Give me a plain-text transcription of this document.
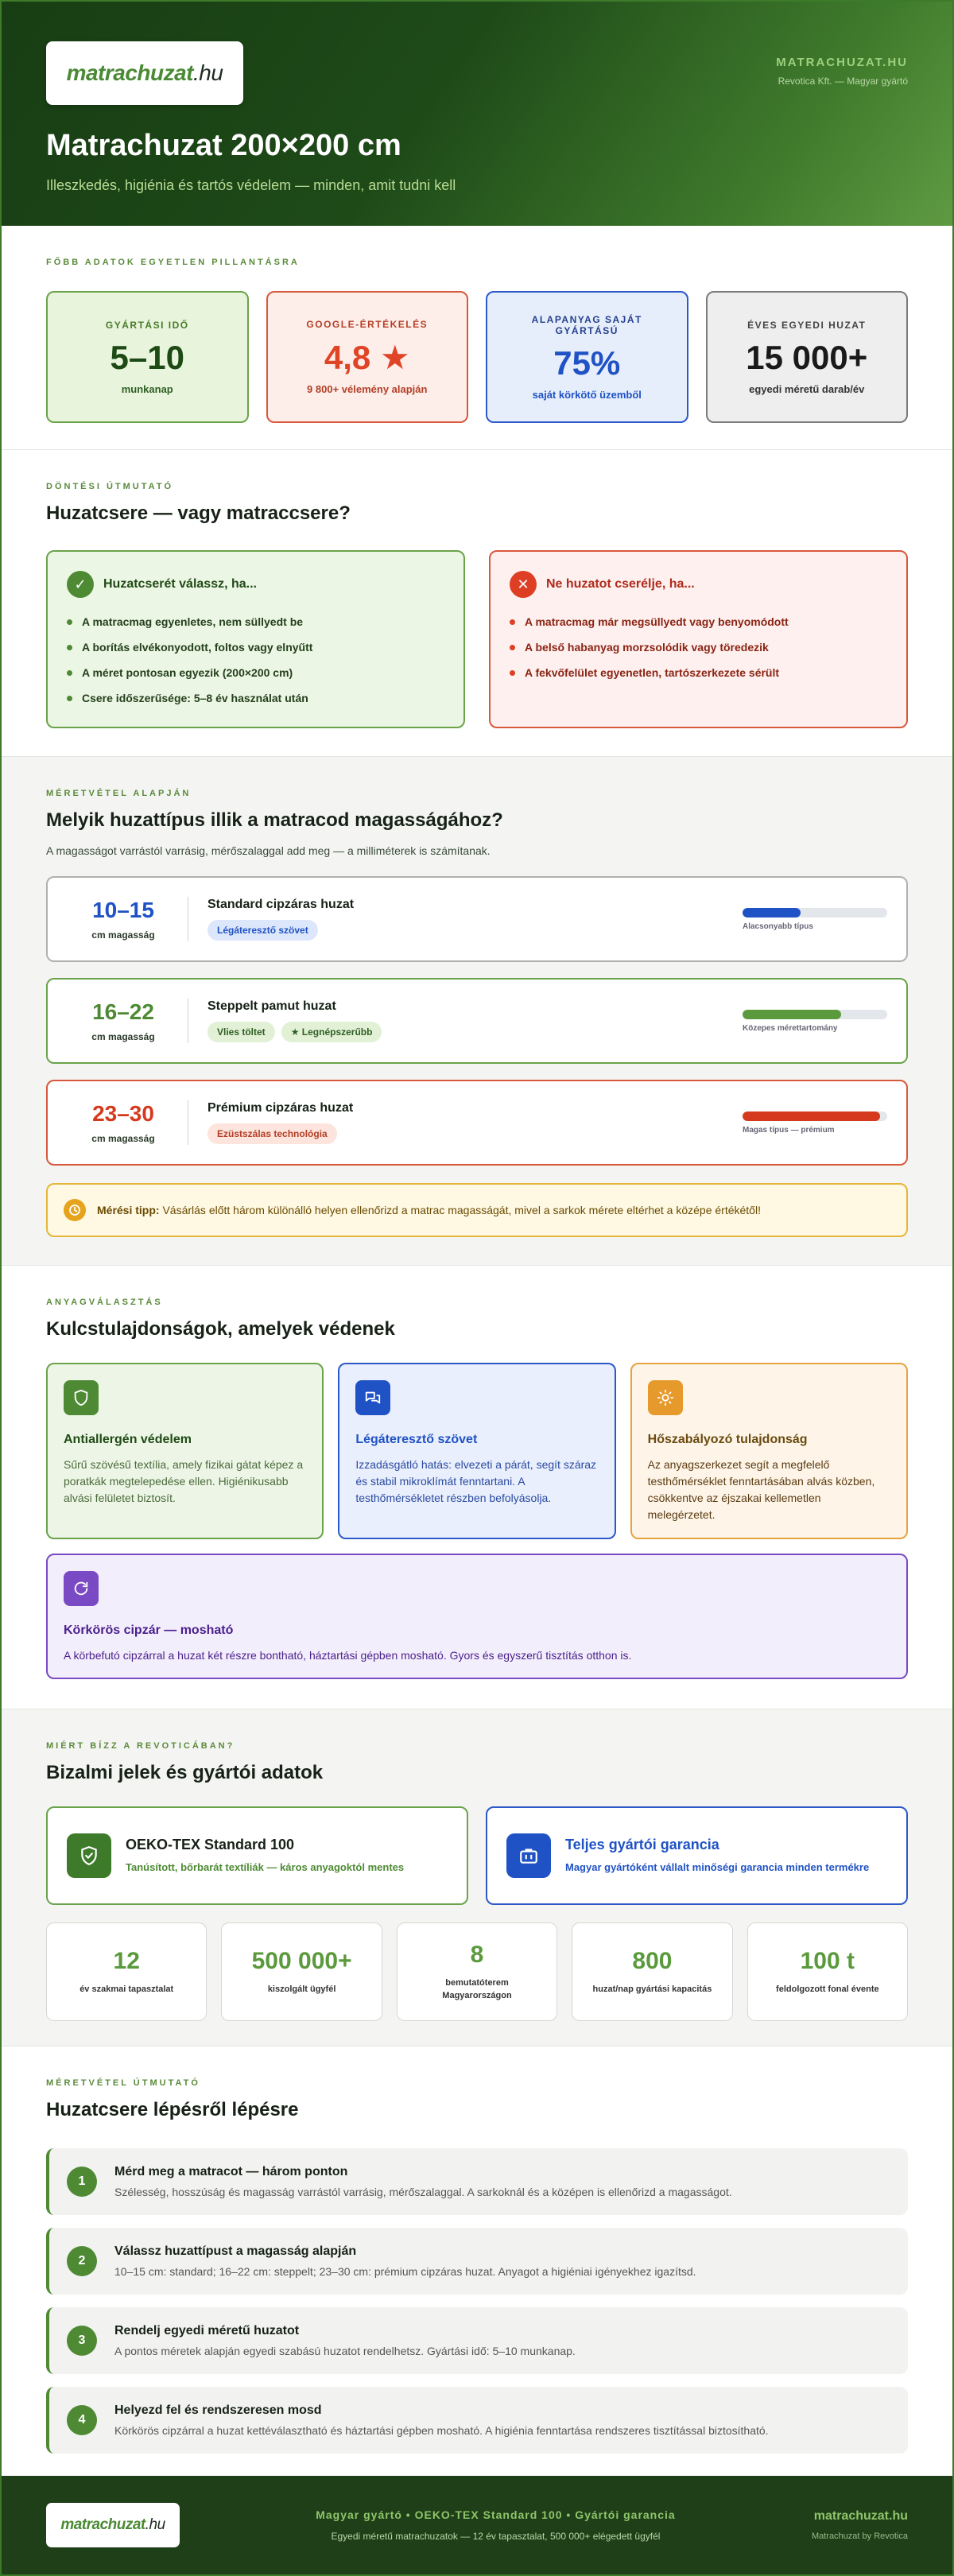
matrachuzat.hu	MATRACHUZAT.HU
Revotica Kft. — Magyar gyártó
Matrachuzat 200×200 cm
Illeszkedés, higiénia és tartós védelem — minden, amit tudni kell
FŐBB ADATOK EGYETLEN PILLANTÁSRA
GYÁRTÁSI IDŐ
5–10
munkanap
GOOGLE-ÉRTÉKELÉS
4,8 ★
9 800+ vélemény alapján
ALAPANYAG SAJÁT GYÁRTÁSÚ
75%
saját körkötő üzemből
ÉVES EGYEDI HUZAT
15 000+
egyedi méretű darab/év
DÖNTÉSI ÚTMUTATÓ
Huzatcsere — vagy matraccsere?
✓	Huzatcserét válassz, ha...
A matracmag egyenletes, nem süllyedt be
A borítás elvékonyodott, foltos vagy elnyűtt
A méret pontosan egyezik (200×200 cm)
Csere időszerűsége: 5–8 év használat után
✕	Ne huzatot cserélje, ha...
A matracmag már megsüllyedt vagy benyomódott
A belső habanyag morzsolódik vagy töredezik
A fekvőfelület egyenetlen, tartószerkezete sérült
MÉRETVÉTEL ALAPJÁN
Melyik huzattípus illik a matracod magasságához?
A magasságot varrástól varrásig, mérőszalaggal add meg — a milliméterek is számítanak.
10–15
cm magasság
Standard cipzáras huzat
Légáteresztő szövet	Alacsonyabb típus
16–22
cm magasság
Steppelt pamut huzat
Vlies töltet	★ Legnépszerűbb	Közepes mérettartomány
23–30
cm magasság
Prémium cipzáras huzat
Ezüstszálas technológia	Magas típus — prémium
Mérési tipp: Vásárlás előtt három különálló helyen ellenőrizd a matrac magasságát, mivel a sarkok mérete eltérhet a középe értékétől!
ANYAGVÁLASZTÁS
Kulcstulajdonságok, amelyek védenek
Antiallergén védelem
Sűrű szövésű textília, amely fizikai gátat képez a poratkák megtelepedése ellen. Higiénikusabb alvási felületet biztosít.
Légáteresztő szövet
Izzadásgátló hatás: elvezeti a párát, segít száraz és stabil mikroklímát fenntartani. A testhőmérsékletet részben befolyásolja.
Hőszabályozó tulajdonság
Az anyagszerkezet segít a megfelelő testhőmérséklet fenntartásában alvás közben, csökkentve az éjszakai kellemetlen melegérzetet.
Körkörös cipzár — mosható
A körbefutó cipzárral a huzat két részre bontható, háztartási gépben mosható. Gyors és egyszerű tisztítás otthon is.
MIÉRT BÍZZ A REVOTICÁBAN?
Bizalmi jelek és gyártói adatok
OEKO-TEX Standard 100
Tanúsított, bőrbarát textíliák — káros anyagoktól mentes
Teljes gyártói garancia
Magyar gyártóként vállalt minőségi garancia minden termékre
12
év szakmai tapasztalat
500 000+
kiszolgált ügyfél
8
bemutatóterem Magyarországon
800
huzat/nap gyártási kapacitás
100 t
feldolgozott fonal évente
MÉRETVÉTEL ÚTMUTATÓ
Huzatcsere lépésről lépésre
1
Mérd meg a matracot — három ponton
Szélesség, hosszúság és magasság varrástól varrásig, mérőszalaggal. A sarkoknál és a középen is ellenőrizd a magasságot.
2
Válassz huzattípust a magasság alapján
10–15 cm: standard; 16–22 cm: steppelt; 23–30 cm: prémium cipzáras huzat. Anyagot a higiéniai igényekhez igazítsd.
3
Rendelj egyedi méretű huzatot
A pontos méretek alapján egyedi szabású huzatot rendelhetsz. Gyártási idő: 5–10 munkanap.
4
Helyezd fel és rendszeresen mosd
Körkörös cipzárral a huzat kettéválasztható és háztartási gépben mosható. A higiénia fenntartása rendszeres tisztítással biztosítható.
matrachuzat.hu
Magyar gyártó • OEKO-TEX Standard 100 • Gyártói garancia
Egyedi méretű matrachuzatok — 12 év tapasztalat, 500 000+ elégedett ügyfél
matrachuzat.hu
Matrachuzat by Revotica
